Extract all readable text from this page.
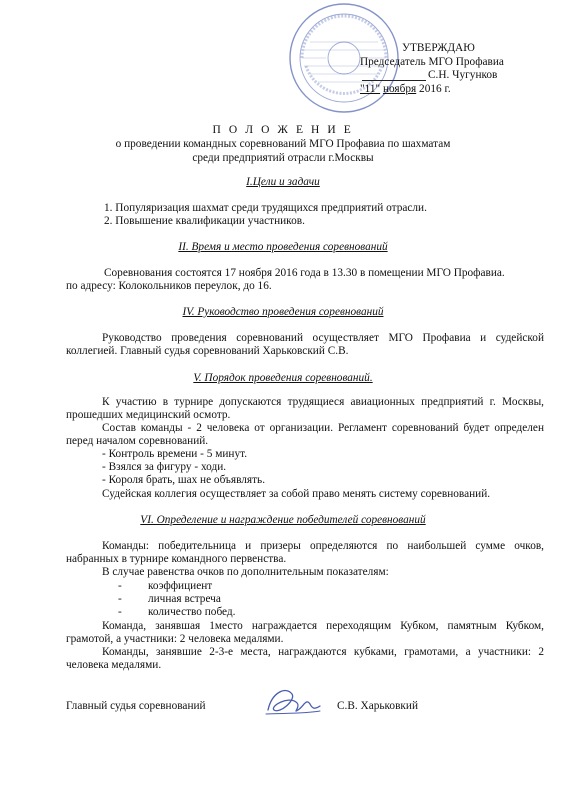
УТВЕРЖДАЮ
Председатель МГО Профавиа
С.Н. Чугунков
"11" ноября 2016 г.
П О Л О Ж Е Н И Е
о проведении командных соревнований МГО Профавиа по шахматам
среди предприятий отрасли г.Москвы
I.Цели и задачи
1. Популяризация шахмат среди трудящихся предприятий отрасли.
2. Повышение квалификации участников.
II. Время и место проведения соревнований
Соревнования состоятся 17 ноября 2016 года в 13.30 в помещении МГО Профавиа.
по адресу: Колокольников переулок, до 16.
IV. Руководство проведения соревнований
Руководство проведения соревнований осуществляет МГО Профавиа и судейской коллегией. Главный судья соревнований Харьковский С.В.
V. Порядок проведения соревнований.
К участию в турнире допускаются трудящиеся авиационных предприятий г. Москвы, прошедших медицинский осмотр.
Состав команды - 2 человека от организации. Регламент соревнований будет определен перед началом соревнований.
- Контроль времени - 5 минут.
- Взялся за фигуру - ходи.
- Короля брать, шах не объявлять.
Судейская коллегия осуществляет за собой право менять систему соревнований.
VI. Определение и награждение победителей соревнований
Команды: победительница и призеры определяются по наибольшей сумме очков, набранных в турнире командного первенства.
В случае равенства очков по дополнительным показателям:
- коэффициент
- личная встреча
- количество побед.
Команда, занявшая 1место награждается переходящим Кубком, памятным Кубком, грамотой, а участники: 2 человека медалями.
Команды, занявшие 2-3-е места, награждаются кубками, грамотами, а участники: 2 человека медалями.
Главный судья соревнований	С.В. Харьковкий
